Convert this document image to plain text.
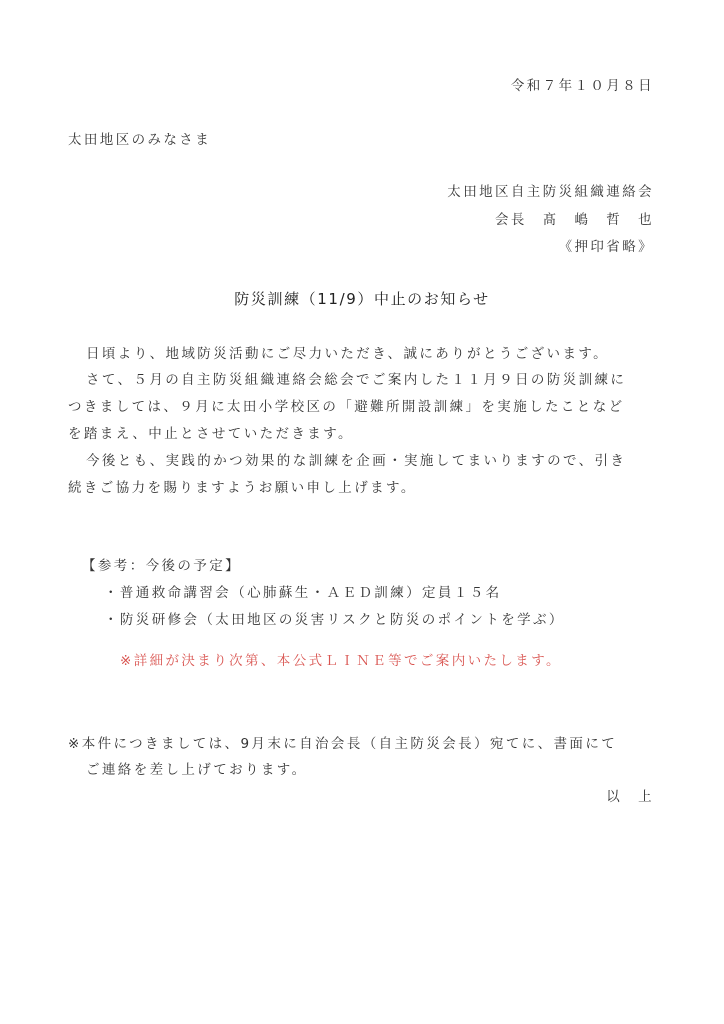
令和７年１０月８日
太田地区のみなさま
太田地区自主防災組織連絡会
会長　髙　嶋　哲　也
《押印省略》
防災訓練（11/9）中止のお知らせ
日頃より、地域防災活動にご尽力いただき、誠にありがとうございます。
さて、５月の自主防災組織連絡会総会でご案内した１１月９日の防災訓練に
つきましては、９月に太田小学校区の「避難所開設訓練」を実施したことなど
を踏まえ、中止とさせていただきます。
今後とも、実践的かつ効果的な訓練を企画・実施してまいりますので、引き
続きご協力を賜りますようお願い申し上げます。
【参考：今後の予定】
・普通救命講習会（心肺蘇生・ＡＥＤ訓練）定員１５名
・防災研修会（太田地区の災害リスクと防災のポイントを学ぶ）
※詳細が決まり次第、本公式ＬＩＮＥ等でご案内いたします。
※本件につきましては、9月末に自治会長（自主防災会長）宛てに、書面にて
ご連絡を差し上げております。
以　上
